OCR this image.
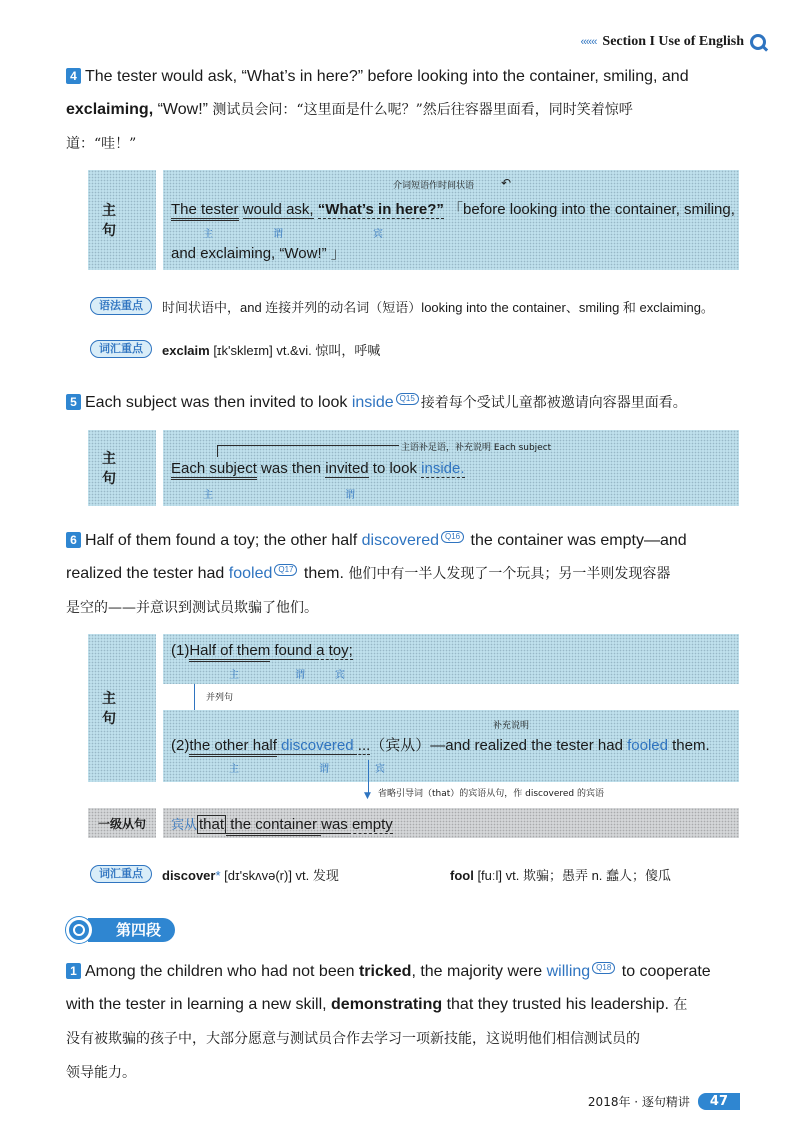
‹‹‹‹‹‹ Section I Use of English
4 The tester would ask, “What’s in here?” before looking into the container, smiling, and
exclaiming, “Wow!” 测试员会问：“这里面是什么呢？”然后往容器里面看，同时笑着惊呼
道：“哇！”
主句
介词短语作时间状语 ↶
The tester would ask, “What’s in here?” 「before looking into the container, smiling,
主	谓	宾
and exclaiming, “Wow!” 」
语法重点	时间状语中，and 连接并列的动名词（短语）looking into the container、smiling 和 exclaiming。
词汇重点	exclaim [ɪk'skleɪm] vt.&vi. 惊叫，呼喊
5 Each subject was then invited to look inside Q15 接着每个受试儿童都被邀请向容器里面看。
主句
主语补足语，补充说明 Each subject
Each subject was then invited to look inside.
主	谓
6 Half of them found a toy; the other half discovered Q16 the container was empty—and
realized the tester had fooled Q17 them. 他们中有一半人发现了一个玩具；另一半则发现容器
是空的——并意识到测试员欺骗了他们。
主句
(1)Half of them found a toy;
主	谓	宾
并列句
补充说明
(2)the other half discovered ...（宾从）—and realized the tester had fooled them.
主	谓	宾
▼ 省略引导词（that）的宾语从句，作 discovered 的宾语
一级从句	宾从 that the container was empty
词汇重点	discover* [dɪ'skʌvə(r)] vt. 发现	fool [fuːl] vt. 欺骗；愚弄 n. 蠢人；傻瓜
第四段
1 Among the children who had not been tricked, the majority were willing Q18 to cooperate
with the tester in learning a new skill, demonstrating that they trusted his leadership. 在
没有被欺骗的孩子中，大部分愿意与测试员合作去学习一项新技能，这说明他们相信测试员的
领导能力。
2018年 · 逐句精讲	47
